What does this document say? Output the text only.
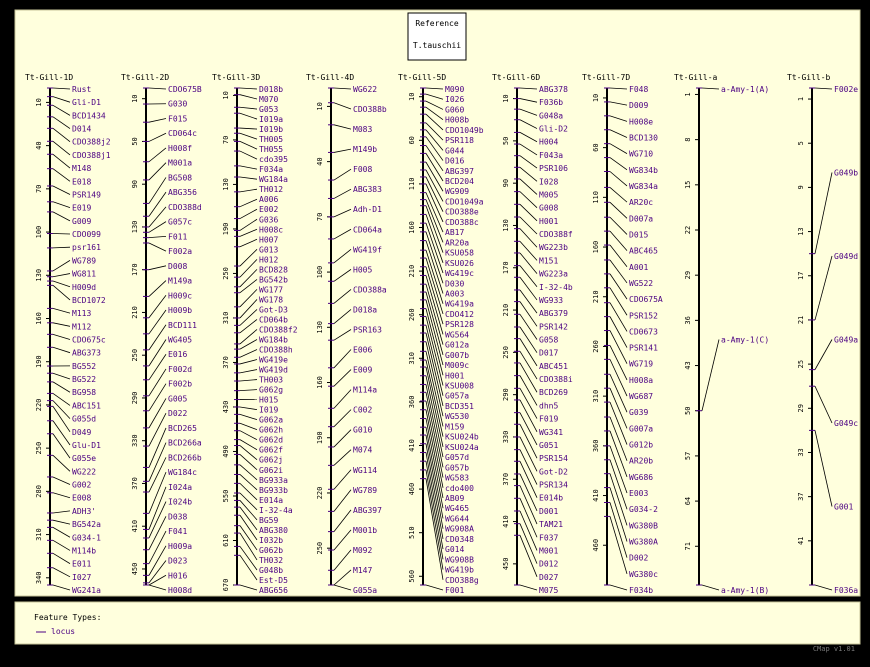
Reference
T.tauschii
Tt-Gill-1D
10
40
70
100
130
160
190
220
250
280
310
340
Rust
Gli-D1
BCD1434
D014
CDO388j2
CDO388j1
M148
E018
PSR149
E019
G009
CDO099
psr161
WG789
WG811
H009d
BCD1072
M113
M112
CDO675c
ABG373
BG552
BG522
BG958
ABC151
G055d
D049
Glu-D1
G055e
WG222
G002
E008
ADH3'
BG542a
G034-1
M114b
E011
I027
WG241a
Tt-Gill-2D
10
50
90
130
170
210
250
290
330
370
410
450
CDO675B
G030
F015
CD064c
H008f
M001a
BG508
ABG356
CDO388d
G057c
F011
F002a
D008
M149a
H009c
H009b
BCD111
WG405
E016
F002d
F002b
G005
D022
BCD265
BCD266a
BCD266b
WG184c
I024a
I024b
D038
F041
H009a
D023
H016
H008d
Tt-Gill-3D
10
70
130
190
250
310
370
430
490
550
610
670
D018b
M070
G053
I019a
I019b
TH005
TH055
cdo395
F034a
WG184a
TH012
A006
E002
G036
H008c
H007
G013
H012
BCD828
BG542b
WG177
WG178
Got-D3
CD064b
CDO388f2
WG184b
CDO388h
WG419e
WG419d
TH003
G062g
H015
I019
G062a
G062h
G062d
G062f
G062j
G062i
BG933a
BG933b
E014a
I-32-4a
BG59
ABG380
I032b
G062b
TH032
G048b
Est-D5
ABG656
Tt-Gill-4D
10
40
70
100
130
160
190
220
250
WG622
CDO388b
M083
M149b
F008
ABG383
Adh-D1
CD064a
WG419f
H005
CDO388a
D018a
PSR163
E006
E009
M114a
C002
G010
M074
WG114
WG789
ABG397
M001b
M092
M147
G055a
Tt-Gill-5D
10
60
110
160
210
260
310
360
410
460
510
560
M090
I026
G060
H008b
CDO1049b
PSR118
G044
D016
ABG397
BCD204
WG909
CDO1049a
CDO388e
CDO388c
AB17
AR20a
KSU058
KSU026
WG419c
D030
A003
WG419a
CDO412
PSR128
WG564
G012a
G007b
M009c
H001
KSU008
G057a
BCD351
WG530
M159
KSU024b
KSU024a
G057d
G057b
WG583
cdo400
AB09
WG465
WG644
WG908A
CD0348
G014
WG908B
WG419b
CDO388g
F001
Tt-Gill-6D
10
50
90
130
170
210
250
290
330
370
410
450
ABG378
F036b
G048a
Gli-D2
H004
F043a
PSR106
I028
M005
G008
H001
CDO388f
WG223b
M151
WG223a
I-32-4b
WG933
ABG379
PSR142
G058
D017
ABC451
CDO388i
BCD269
dhn5
F019
WG341
G051
PSR154
Got-D2
PSR134
E014b
D001
TAM21
F037
M001
D012
D027
M075
Tt-Gill-7D
10
60
110
160
210
260
310
360
410
460
F048
D009
H008e
BCD130
WG710
WG834b
WG834a
AR20c
D007a
D015
ABC465
A001
WG522
CDO675A
PSR152
CD0673
PSR141
WG719
H008a
WG687
G039
G007a
G012b
AR20b
WG686
E003
G034-2
WG380B
WG380A
D002
WG380c
F034b
Tt-Gill-a
1
8
15
22
29
36
43
50
57
64
71
a-Amy-1(A)
a-Amy-1(C)
a-Amy-1(B)
Tt-Gill-b
1
5
9
13
17
21
25
29
33
37
41
F002e
G049b
G049d
G049a
G049c
G001
F036a
Feature Types:
locus
CMap v1.01
